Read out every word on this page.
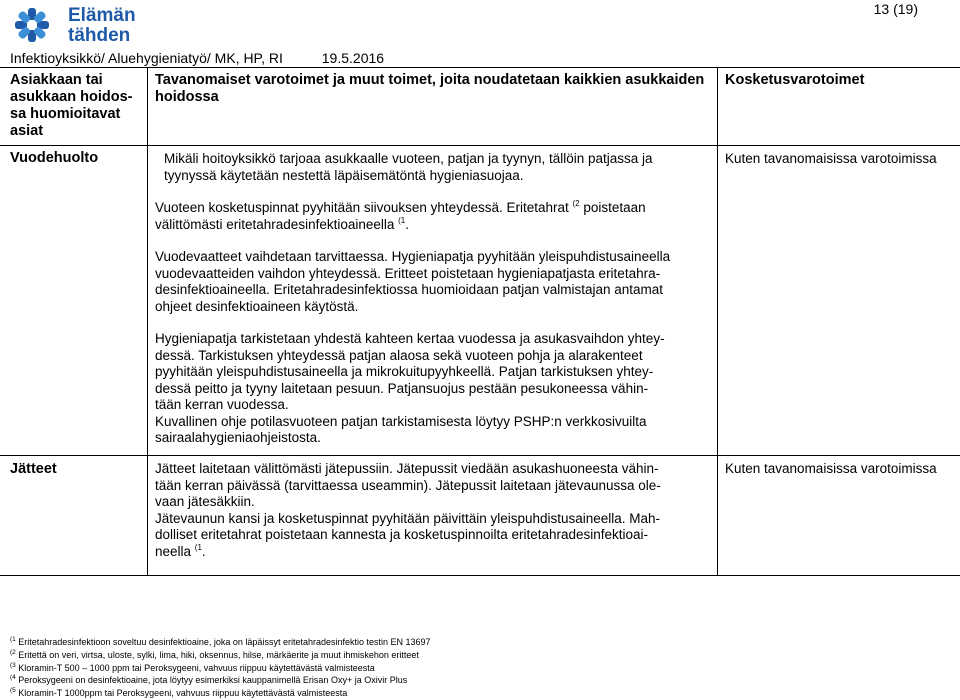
Elämän
tähden
13 (19)
Infektioyksikkö/ Aluehygieniatyö/ MK, HP, RI          19.5.2016
Asiakkaan tai
asukkaan hoidos-
sa huomioitavat
asiat
Tavanomaiset varotoimet ja muut toimet, joita noudatetaan kaikkien asukkaiden
hoidossa
Kosketusvarotoimet
Vuodehuolto	Mikäli hoitoyksikkö tarjoaa asukkaalle vuoteen, patjan ja tyynyn, tällöin patjassa ja
tyynyssä käytetään nestettä läpäisemätöntä hygieniasuojaa.
Vuoteen kosketuspinnat pyyhitään siivouksen yhteydessä. Eritetahrat $^{(2}$ poistetaan
välittömästi eritetahradesinfektioaineella $^{(1}$.
Vuodevaatteet vaihdetaan tarvittaessa. Hygieniapatja pyyhitään yleispuhdistusaineella
vuodevaatteiden vaihdon yhteydessä. Eritteet poistetaan hygieniapatjasta eritetahra-
desinfektioaineella. Eritetahradesinfektiossa huomioidaan patjan valmistajan antamat
ohjeet desinfektioaineen käytöstä.
Hygieniapatja tarkistetaan yhdestä kahteen kertaa vuodessa ja asukasvaihdon yhtey-
dessä. Tarkistuksen yhteydessä patjan alaosa sekä vuoteen pohja ja alarakenteet
pyyhitään yleispuhdistusaineella ja mikrokuitupyyhkeellä. Patjan tarkistuksen yhtey-
dessä peitto ja tyyny laitetaan pesuun. Patjansuojus pestään pesukoneessa vähin-
tään kerran vuodessa.
Kuvallinen ohje potilasvuoteen patjan tarkistamisesta löytyy PSHP:n verkkosivuilta
sairaalahygieniaohjeistosta.
Kuten tavanomaisissa varotoimissa
Jätteet	Jätteet laitetaan välittömästi jätepussiin. Jätepussit viedään asukashuoneesta vähin-
tään kerran päivässä (tarvittaessa useammin). Jätepussit laitetaan jätevaunussa ole-
vaan jätesäkkiin.
Jätevaunun kansi ja kosketuspinnat pyyhitään päivittäin yleispuhdistusaineella. Mah-
dolliset eritetahrat poistetaan kannesta ja kosketuspinnoilta eritetahradesinfektioai-
neella $^{(1}$.
Kuten tavanomaisissa varotoimissa
$^{(1}$ Eritetahradesinfektioon soveltuu desinfektioaine, joka on läpäissyt eritetahradesinfektio testin EN 13697
$^{(2}$ Eritettä on veri, virtsa, uloste, sylki, lima, hiki, oksennus, hilse, märkäerite ja muut ihmiskehon eritteet
$^{(3}$ Kloramin-T 500 – 1000 ppm tai Peroksygeeni, vahvuus riippuu käytettävästä valmisteesta
$^{(4}$ Peroksygeeni on desinfektioaine, jota löytyy esimerkiksi kauppanimellä Erisan Oxy+ ja Oxivir Plus
$^{(5}$ Kloramin-T 1000ppm tai Peroksygeeni, vahvuus riippuu käytettävästä valmisteesta
